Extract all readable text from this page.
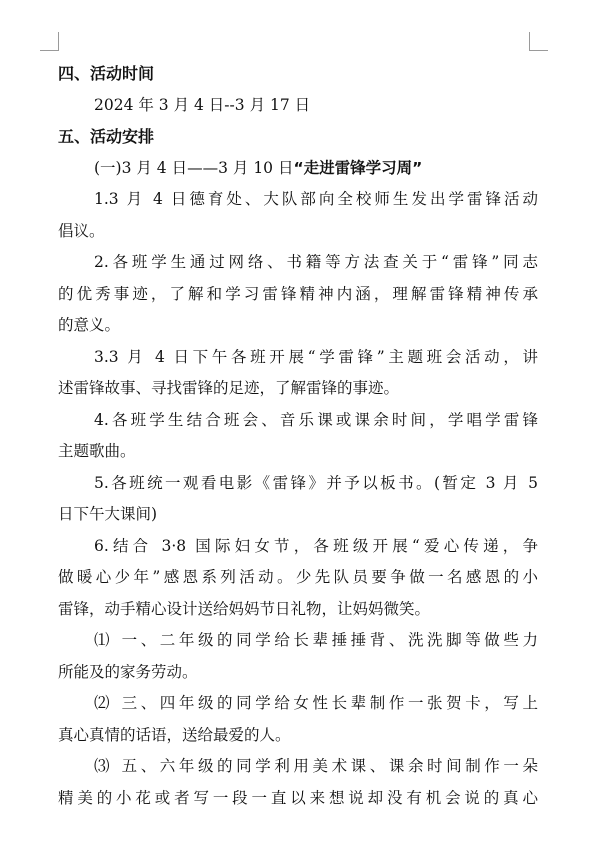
四、活动时间
2024 年 3 月 4 日--3 月 17 日
五、活动安排
(一)3 月 4 日——3 月 10 日“走进雷锋学习周”
1.3 月 4 日德育处、大队部向全校师生发出学雷锋活动
倡议。
2.各班学生通过网络、书籍等方法查关于“雷锋”同志
的优秀事迹，了解和学习雷锋精神内涵，理解雷锋精神传承
的意义。
3.3 月 4 日下午各班开展“学雷锋”主题班会活动，讲
述雷锋故事、寻找雷锋的足迹，了解雷锋的事迹。
4.各班学生结合班会、音乐课或课余时间，学唱学雷锋
主题歌曲。
5.各班统一观看电影《雷锋》并予以板书。(暂定 3 月 5
日下午大课间)
6.结合 3·8 国际妇女节，各班级开展“爱心传递，争
做暖心少年”感恩系列活动。少先队员要争做一名感恩的小
雷锋，动手精心设计送给妈妈节日礼物，让妈妈微笑。
⑴ 一、二年级的同学给长辈捶捶背、洗洗脚等做些力
所能及的家务劳动。
⑵ 三、四年级的同学给女性长辈制作一张贺卡，写上
真心真情的话语，送给最爱的人。
⑶ 五、六年级的同学利用美术课、课余时间制作一朵
精美的小花或者写一段一直以来想说却没有机会说的真心
